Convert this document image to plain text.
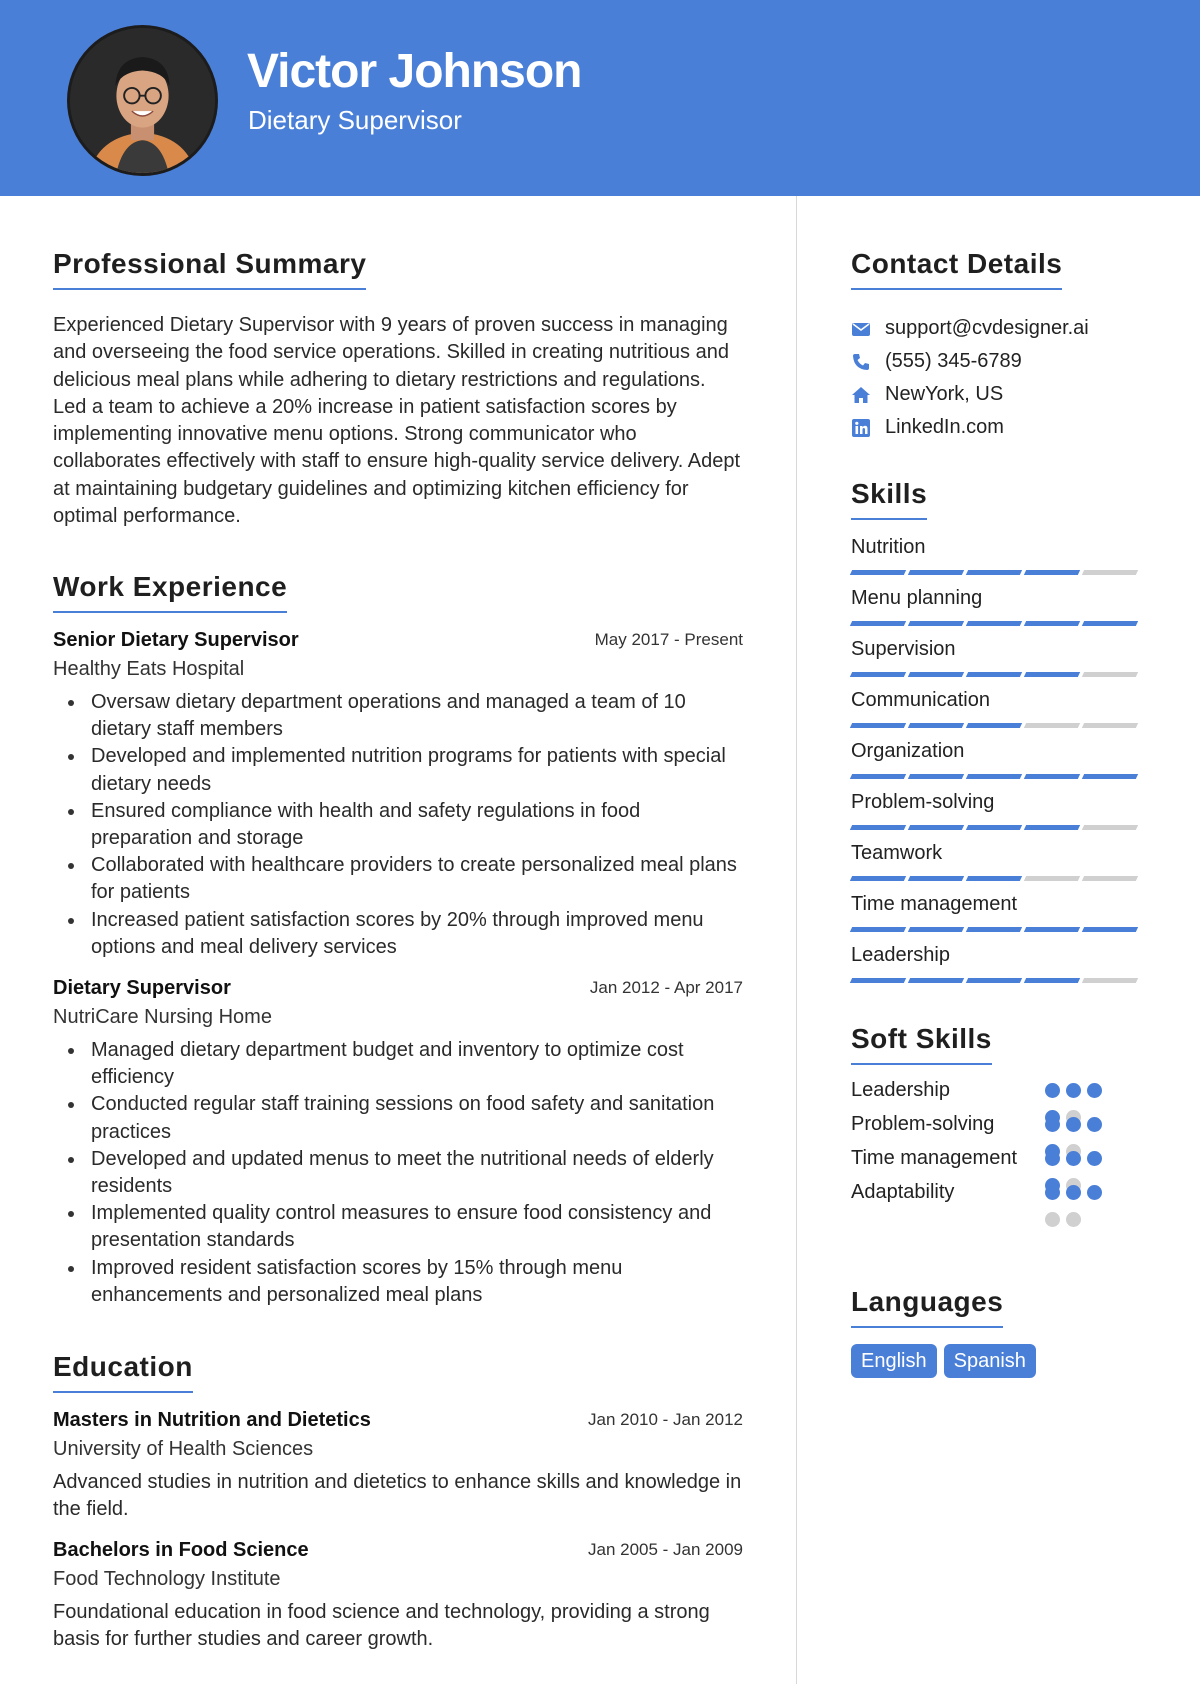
Victor Johnson
Dietary Supervisor
Professional Summary
Experienced Dietary Supervisor with 9 years of proven success in managing and overseeing the food service operations. Skilled in creating nutritious and delicious meal plans while adhering to dietary restrictions and regulations. Led a team to achieve a 20% increase in patient satisfaction scores by implementing innovative menu options. Strong communicator who collaborates effectively with staff to ensure high-quality service delivery. Adept at maintaining budgetary guidelines and optimizing kitchen efficiency for optimal performance.
Work Experience
Senior Dietary Supervisor	May 2017 - Present
Healthy Eats Hospital
Oversaw dietary department operations and managed a team of 10 dietary staff members
Developed and implemented nutrition programs for patients with special dietary needs
Ensured compliance with health and safety regulations in food preparation and storage
Collaborated with healthcare providers to create personalized meal plans for patients
Increased patient satisfaction scores by 20% through improved menu options and meal delivery services
Dietary Supervisor	Jan 2012 - Apr 2017
NutriCare Nursing Home
Managed dietary department budget and inventory to optimize cost efficiency
Conducted regular staff training sessions on food safety and sanitation practices
Developed and updated menus to meet the nutritional needs of elderly residents
Implemented quality control measures to ensure food consistency and presentation standards
Improved resident satisfaction scores by 15% through menu enhancements and personalized meal plans
Education
Masters in Nutrition and Dietetics	Jan 2010 - Jan 2012
University of Health Sciences
Advanced studies in nutrition and dietetics to enhance skills and knowledge in the field.
Bachelors in Food Science	Jan 2005 - Jan 2009
Food Technology Institute
Foundational education in food science and technology, providing a strong basis for further studies and career growth.
Contact Details
support@cvdesigner.ai
(555) 345-6789
NewYork, US
LinkedIn.com
Skills
Nutrition
Menu planning
Supervision
Communication
Organization
Problem-solving
Teamwork
Time management
Leadership
Soft Skills
Leadership
Problem-solving
Time management
Adaptability
Languages
English	Spanish
